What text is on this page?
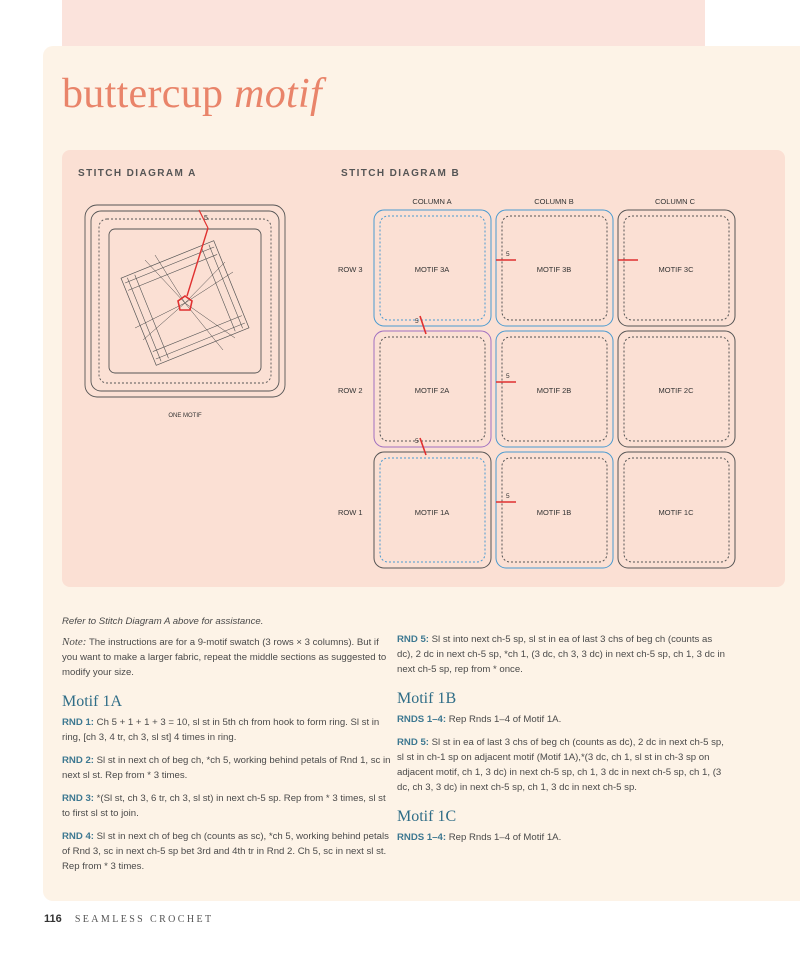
buttercup motif
STITCH DIAGRAM A	STITCH DIAGRAM B
5
ONE MOTIF
COLUMN A	COLUMN B	COLUMN C
ROW 3
ROW 2
ROW 1
5
5
5
5
5
MOTIF 3A	MOTIF 3B	MOTIF 3C
MOTIF 2A	MOTIF 2B	MOTIF 2C
MOTIF 1A	MOTIF 1B	MOTIF 1C

Refer to Stitch Diagram A above for assistance.

Note: The instructions are for a 9-motif swatch (3 rows × 3 columns). But if you want to make a larger fabric, repeat the middle sections as suggested to modify your size.

Motif 1A

RND 1: Ch 5 + 1 + 1 + 3 = 10, sl st in 5th ch from hook to form ring. Sl st in ring, [ch 3, 4 tr, ch 3, sl st] 4 times in ring.

RND 2: Sl st in next ch of beg ch, *ch 5, working behind petals of Rnd 1, sc in next sl st. Rep from * 3 times.

RND 3: *(Sl st, ch 3, 6 tr, ch 3, sl st) in next ch-5 sp. Rep from * 3 times, sl st to first sl st to join.

RND 4: Sl st in next ch of beg ch (counts as sc), *ch 5, working behind petals of Rnd 3, sc in next ch-5 sp bet 3rd and 4th tr in Rnd 2. Ch 5, sc in next sl st. Rep from * 3 times.

RND 5: Sl st into next ch-5 sp, sl st in ea of last 3 chs of beg ch (counts as dc), 2 dc in next ch-5 sp, *ch 1, (3 dc, ch 3, 3 dc) in next ch-5 sp, ch 1, 3 dc in next ch-5 sp, rep from * once.

Motif 1B

RNDS 1–4: Rep Rnds 1–4 of Motif 1A.

RND 5: Sl st in ea of last 3 chs of beg ch (counts as dc), 2 dc in next ch-5 sp, sl st in ch-1 sp on adjacent motif (Motif 1A),*(3 dc, ch 1, sl st in ch-3 sp on adjacent motif, ch 1, 3 dc) in next ch-5 sp, ch 1, 3 dc in next ch-5 sp, ch 1, (3 dc, ch 3, 3 dc) in next ch-5 sp, ch 1, 3 dc in next ch-5 sp.

Motif 1C

RNDS 1–4: Rep Rnds 1–4 of Motif 1A.

116 SEAMLESS CROCHET
